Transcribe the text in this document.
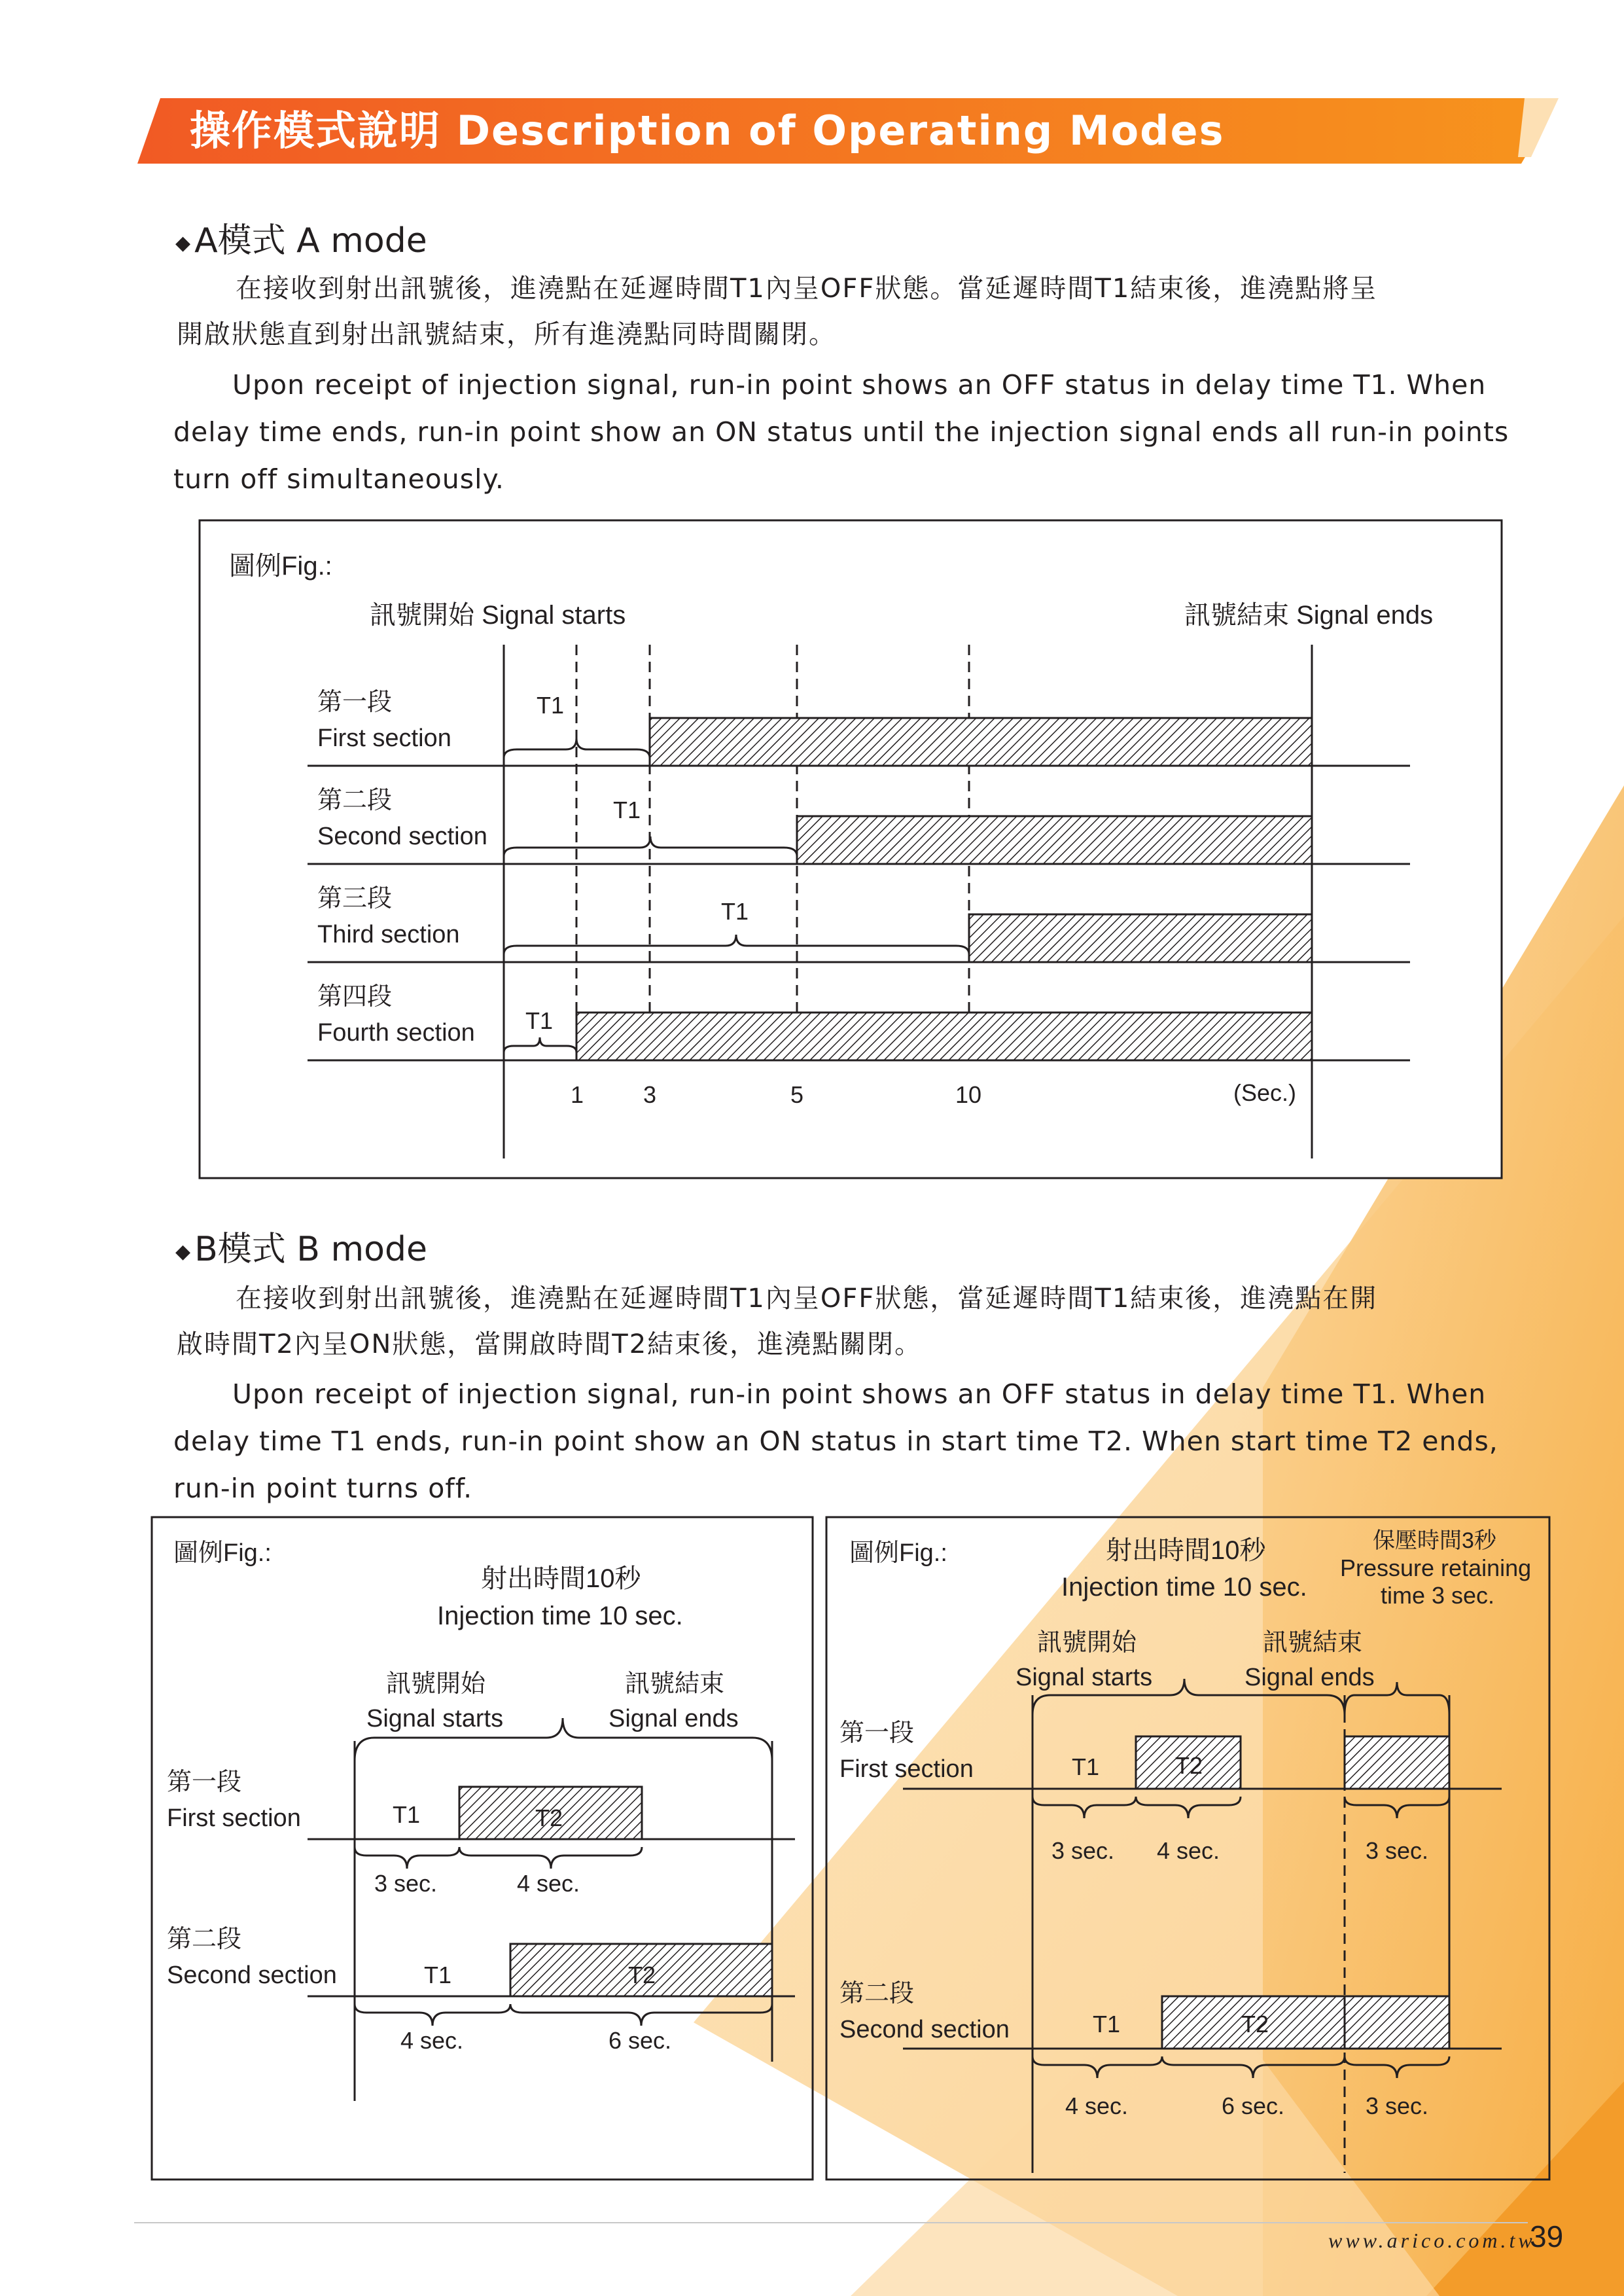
操作模式說明 Description of Operating Modes
◆ A模式 A mode
在接收到射出訊號後，進澆點在延遲時間T1內呈OFF狀態。當延遲時間T1結束後，進澆點將呈
開啟狀態直到射出訊號結束，所有進澆點同時間關閉。
Upon receipt of injection signal, run-in point shows an OFF status in delay time T1. When
delay time ends, run-in point show an ON status until the injection signal ends all run-in points
turn off simultaneously.
圖例Fig.:
訊號開始 Signal starts	訊號結束 Signal ends
第一段
First section
第二段
Second section
第三段
Third section
第四段
Fourth section
T1
T1
T1
T1
1	3	5	10	(Sec.)
◆ B模式 B mode
在接收到射出訊號後，進澆點在延遲時間T1內呈OFF狀態，當延遲時間T1結束後，進澆點在開
啟時間T2內呈ON狀態，當開啟時間T2結束後，進澆點關閉。
Upon receipt of injection signal, run-in point shows an OFF status in delay time T1. When
delay time T1 ends, run-in point show an ON status in start time T2. When start time T2 ends,
run-in point turns off.
圖例Fig.:
射出時間10秒
Injection time 10 sec.
訊號開始
Signal starts
訊號結束
Signal ends
第一段
First section	T1	T2
3 sec.	4 sec.
第二段
Second section	T1	T2
4 sec.	6 sec.
圖例Fig.:	射出時間10秒
Injection time 10 sec.
保壓時間3秒
Pressure retaining
time 3 sec.
訊號開始
Signal starts
訊號結束
Signal ends
第一段
First section	T1	T2
3 sec. 4 sec.	3 sec.
第二段
Second section	T1	T2
4 sec.	6 sec.	3 sec.
www.arico.com.tw
39
